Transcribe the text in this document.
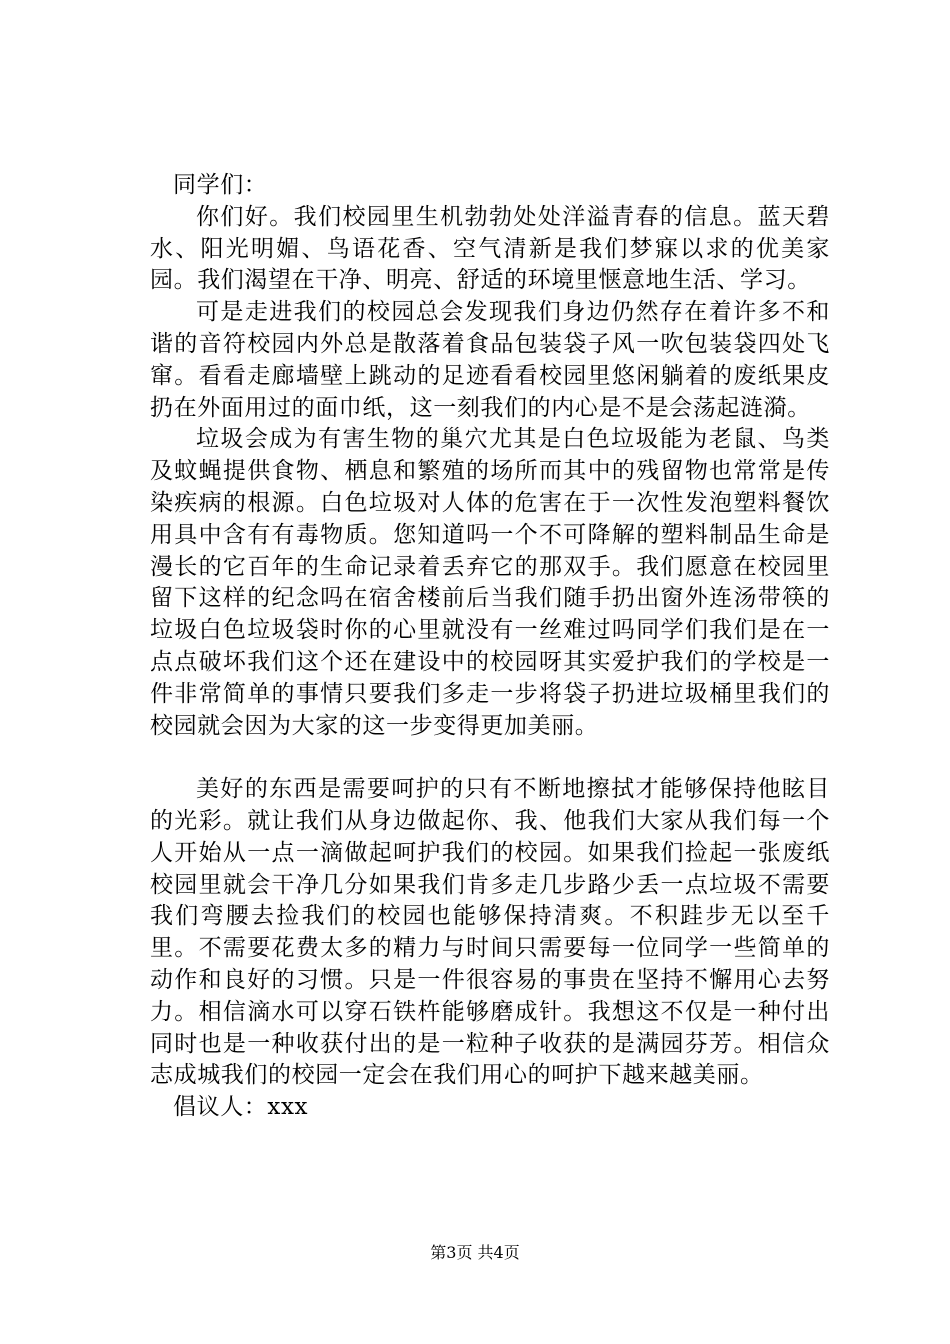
同学们：

你们好。我们校园里生机勃勃处处洋溢青春的信息。蓝天碧水、阳光明媚、鸟语花香、空气清新是我们梦寐以求的优美家园。我们渴望在干净、明亮、舒适的环境里惬意地生活、学习。

可是走进我们的校园总会发现我们身边仍然存在着许多不和谐的音符校园内外总是散落着食品包装袋子风一吹包装袋四处飞窜。看看走廊墙壁上跳动的足迹看看校园里悠闲躺着的废纸果皮扔在外面用过的面巾纸，这一刻我们的内心是不是会荡起涟漪。

垃圾会成为有害生物的巢穴尤其是白色垃圾能为老鼠、鸟类及蚊蝇提供食物、栖息和繁殖的场所而其中的残留物也常常是传染疾病的根源。白色垃圾对人体的危害在于一次性发泡塑料餐饮用具中含有有毒物质。您知道吗一个不可降解的塑料制品生命是漫长的它百年的生命记录着丢弃它的那双手。我们愿意在校园里留下这样的纪念吗在宿舍楼前后当我们随手扔出窗外连汤带筷的垃圾白色垃圾袋时你的心里就没有一丝难过吗同学们我们是在一点点破坏我们这个还在建设中的校园呀其实爱护我们的学校是一件非常简单的事情只要我们多走一步将袋子扔进垃圾桶里我们的校园就会因为大家的这一步变得更加美丽。

美好的东西是需要呵护的只有不断地擦拭才能够保持他眩目的光彩。就让我们从身边做起你、我、他我们大家从我们每一个人开始从一点一滴做起呵护我们的校园。如果我们捡起一张废纸校园里就会干净几分如果我们肯多走几步路少丢一点垃圾不需要我们弯腰去捡我们的校园也能够保持清爽。不积跬步无以至千里。不需要花费太多的精力与时间只需要每一位同学一些简单的动作和良好的习惯。只是一件很容易的事贵在坚持不懈用心去努力。相信滴水可以穿石铁杵能够磨成针。我想这不仅是一种付出同时也是一种收获付出的是一粒种子收获的是满园芬芳。相信众志成城我们的校园一定会在我们用心的呵护下越来越美丽。

倡议人：xxx

第3页 共4页
